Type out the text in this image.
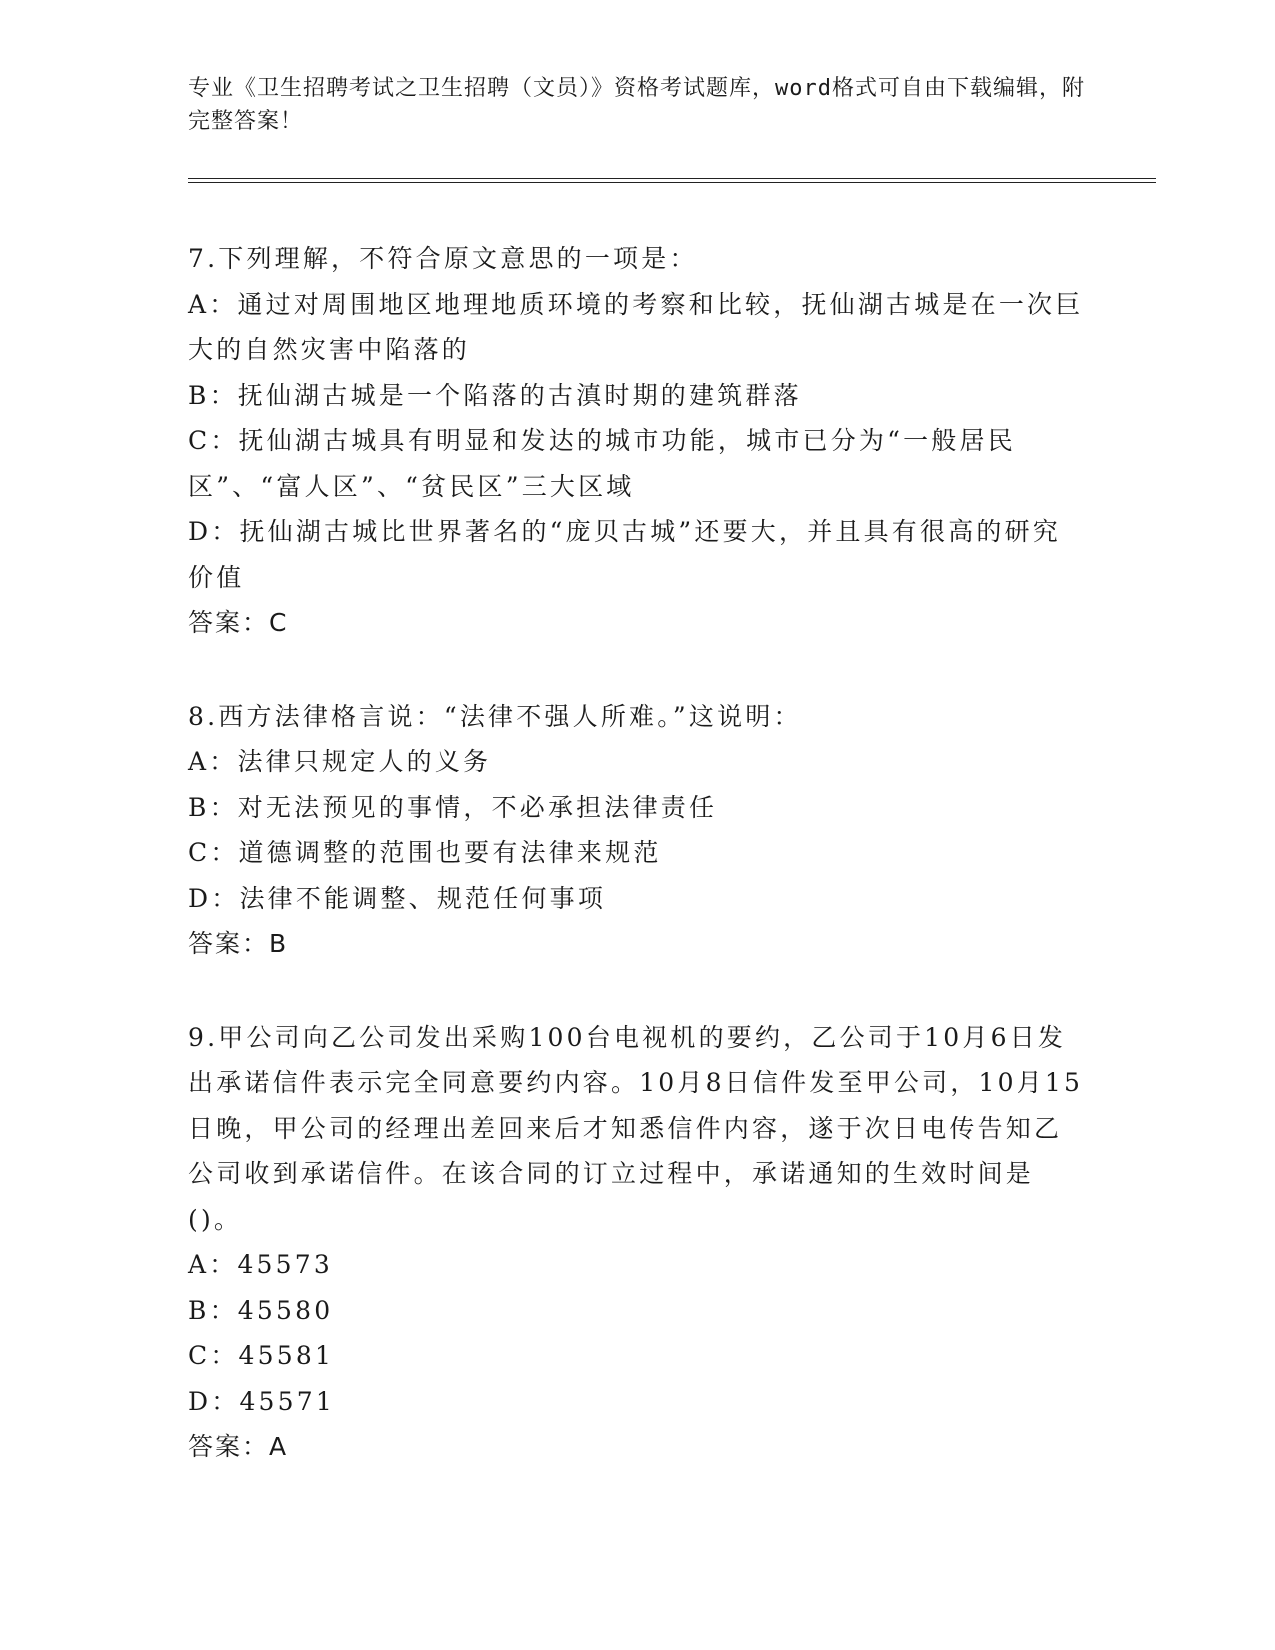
专业《卫生招聘考试之卫生招聘（文员）》资格考试题库，word格式可自由下载编辑，附完整答案！

7.下列理解，不符合原文意思的一项是：

A：通过对周围地区地理地质环境的考察和比较，抚仙湖古城是在一次巨大的自然灾害中陷落的

B：抚仙湖古城是一个陷落的古滇时期的建筑群落

C：抚仙湖古城具有明显和发达的城市功能，城市已分为“一般居民区”、“富人区”、“贫民区”三大区域

D：抚仙湖古城比世界著名的“庞贝古城”还要大，并且具有很高的研究价值

答案：C

8.西方法律格言说：“法律不强人所难。”这说明：

A：法律只规定人的义务

B：对无法预见的事情，不必承担法律责任

C：道德调整的范围也要有法律来规范

D：法律不能调整、规范任何事项

答案：B

9.甲公司向乙公司发出采购100台电视机的要约，乙公司于10月6日发出承诺信件表示完全同意要约内容。10月8日信件发至甲公司，10月15日晚，甲公司的经理出差回来后才知悉信件内容，遂于次日电传告知乙公司收到承诺信件。在该合同的订立过程中，承诺通知的生效时间是()。

A：45573

B：45580

C：45581

D：45571

答案：A
